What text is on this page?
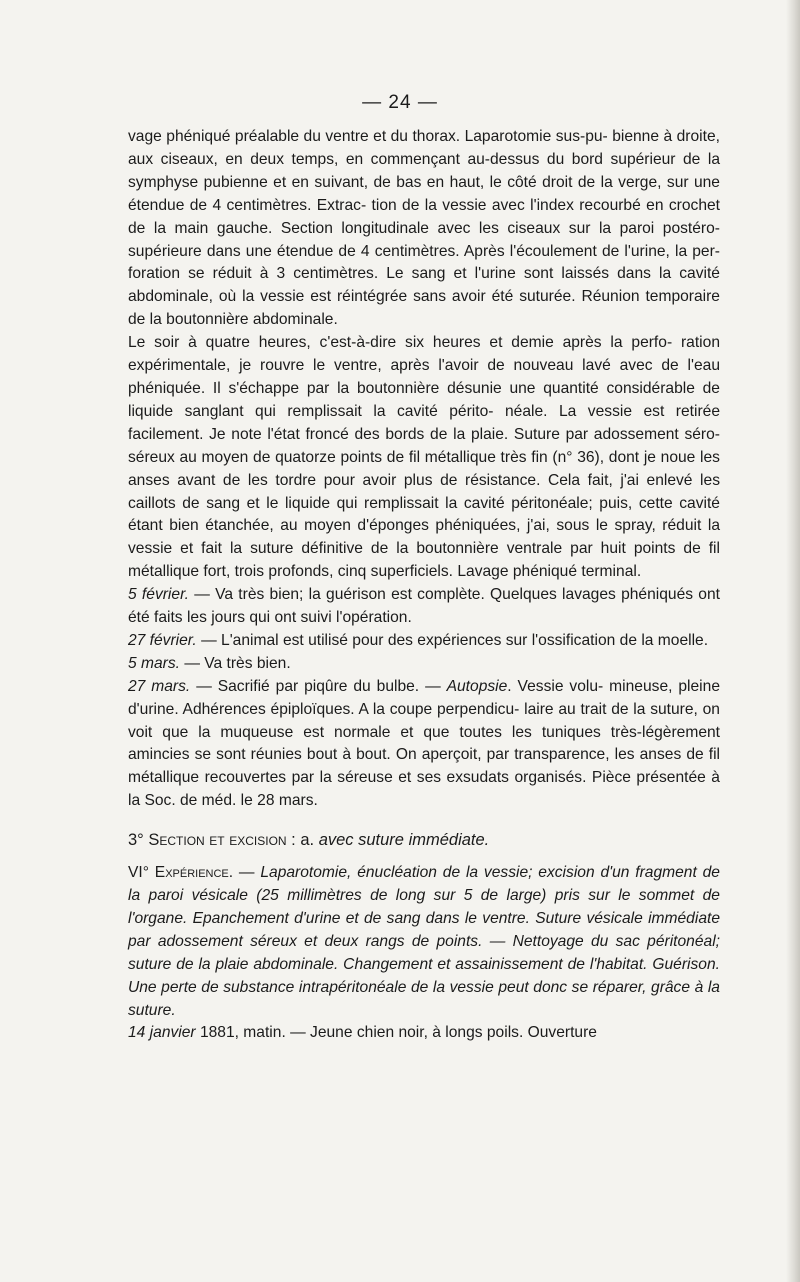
— 24 —

vage phéniqué préalable du ventre et du thorax. Laparotomie sus-pu- bienne à droite, aux ciseaux, en deux temps, en commençant au-dessus du bord supérieur de la symphyse pubienne et en suivant, de bas en haut, le côté droit de la verge, sur une étendue de 4 centimètres. Extrac- tion de la vessie avec l'index recourbé en crochet de la main gauche. Section longitudinale avec les ciseaux sur la paroi postéro-supérieure dans une étendue de 4 centimètres. Après l'écoulement de l'urine, la per- foration se réduit à 3 centimètres. Le sang et l'urine sont laissés dans la cavité abdominale, où la vessie est réintégrée sans avoir été suturée. Réunion temporaire de la boutonnière abdominale.

Le soir à quatre heures, c'est-à-dire six heures et demie après la perfo- ration expérimentale, je rouvre le ventre, après l'avoir de nouveau lavé avec de l'eau phéniquée. Il s'échappe par la boutonnière désunie une quantité considérable de liquide sanglant qui remplissait la cavité périto- néale. La vessie est retirée facilement. Je note l'état froncé des bords de la plaie. Suture par adossement séro-séreux au moyen de quatorze points de fil métallique très fin (n° 36), dont je noue les anses avant de les tordre pour avoir plus de résistance. Cela fait, j'ai enlevé les caillots de sang et le liquide qui remplissait la cavité péritonéale; puis, cette cavité étant bien étanchée, au moyen d'éponges phéniquées, j'ai, sous le spray, réduit la vessie et fait la suture définitive de la boutonnière ventrale par huit points de fil métallique fort, trois profonds, cinq superficiels. Lavage phéniqué terminal.

5 février. — Va très bien; la guérison est complète. Quelques lavages phéniqués ont été faits les jours qui ont suivi l'opération.

27 février. — L'animal est utilisé pour des expériences sur l'ossification de la moelle.

5 mars. — Va très bien.

27 mars. — Sacrifié par piqûre du bulbe. — Autopsie. Vessie volu- mineuse, pleine d'urine. Adhérences épiploïques. A la coupe perpendicu- laire au trait de la suture, on voit que la muqueuse est normale et que toutes les tuniques très-légèrement amincies se sont réunies bout à bout. On aperçoit, par transparence, les anses de fil métallique recouvertes par la séreuse et ses exsudats organisés. Pièce présentée à la Soc. de méd. le 28 mars.

3° Section et excision : a. avec suture immédiate.

VI° Expérience. — Laparotomie, énucléation de la vessie; excision d'un fragment de la paroi vésicale (25 millimètres de long sur 5 de large) pris sur le sommet de l'organe. Epanchement d'urine et de sang dans le ventre. Suture vésicale immédiate par adossement séreux et deux rangs de points. — Nettoyage du sac péritonéal; suture de la plaie abdominale. Changement et assainissement de l'habitat. Guérison. Une perte de substance intrapéritonéale de la vessie peut donc se réparer, grâce à la suture.

14 janvier 1881, matin. — Jeune chien noir, à longs poils. Ouverture
